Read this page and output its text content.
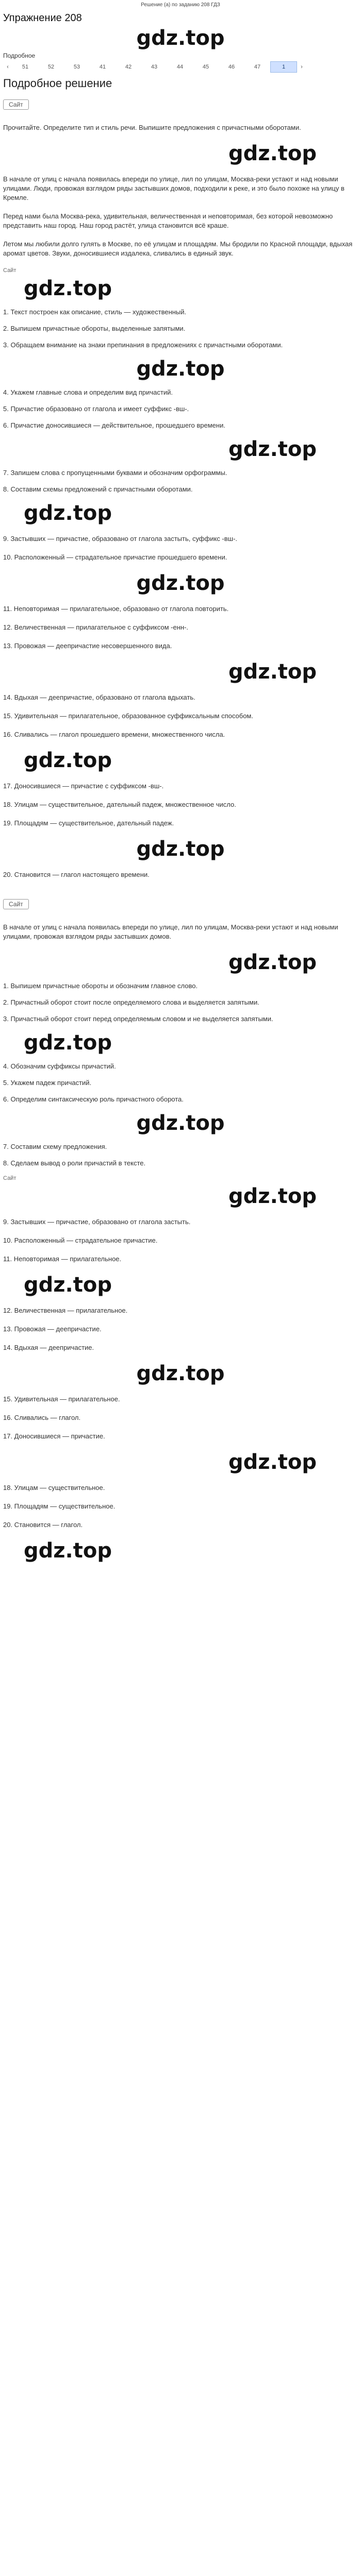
Решение (а) по заданию 208 ГДЗ
Упражнение 208
gdz.top
Подробное
‹	51	52	53	41	42	43	44	45	46	47	1	›
Подробное решение
Сайт

Прочитайте. Определите тип и стиль речи. Выпишите предложения с причастными оборотами.

gdz.top

В начале от улиц с начала появилась впереди по улице, лил по улицам, Москва-реки устают и над новыми улицами. Люди, провожая взглядом ряды застывших домов, подходили к реке, и это было похоже на улицу в Кремле.

Перед нами была Москва-река, удивительная, величественная и неповторимая, без которой невозможно представить наш город. Наш город растёт, улица становится всё краше.

Летом мы любили долго гулять в Москве, по её улицам и площадям. Мы бродили по Красной площади, вдыхая аромат цветов. Звуки, доносившиеся издалека, сливались в единый звук.

Сайт
gdz.top

1. Текст построен как описание, стиль — художественный.

2. Выпишем причастные обороты, выделенные запятыми.

3. Обращаем внимание на знаки препинания в предложениях с причастными оборотами.

gdz.top

4. Укажем главные слова и определим вид причастий.

5. Причастие образовано от глагола и имеет суффикс -вш-.

6. Причастие доносившиеся — действительное, прошедшего времени.

gdz.top

7. Запишем слова с пропущенными буквами и обозначим орфограммы.

8. Составим схемы предложений с причастными оборотами.

gdz.top

9. Застывших — причастие, образовано от глагола застыть, суффикс -вш-.

10. Расположенный — страдательное причастие прошедшего времени.

gdz.top

11. Неповторимая — прилагательное, образовано от глагола повторить.

12. Величественная — прилагательное с суффиксом -енн-.

13. Провожая — деепричастие несовершенного вида.

gdz.top

14. Вдыхая — деепричастие, образовано от глагола вдыхать.

15. Удивительная — прилагательное, образованное суффиксальным способом.

16. Сливались — глагол прошедшего времени, множественного числа.

gdz.top

17. Доносившиеся — причастие с суффиксом -вш-.

18. Улицам — существительное, дательный падеж, множественное число.

19. Площадям — существительное, дательный падеж.

gdz.top

20. Становится — глагол настоящего времени.

Сайт

В начале от улиц с начала появилась впереди по улице, лил по улицам, Москва-реки устают и над новыми улицами, провожая взглядом ряды застывших домов.

gdz.top

1. Выпишем причастные обороты и обозначим главное слово.

2. Причастный оборот стоит после определяемого слова и выделяется запятыми.

3. Причастный оборот стоит перед определяемым словом и не выделяется запятыми.

gdz.top

4. Обозначим суффиксы причастий.

5. Укажем падеж причастий.

6. Определим синтаксическую роль причастного оборота.

gdz.top

7. Составим схему предложения.

8. Сделаем вывод о роли причастий в тексте.

Сайт
gdz.top

9. Застывших — причастие, образовано от глагола застыть.

10. Расположенный — страдательное причастие.

11. Неповторимая — прилагательное.

gdz.top

12. Величественная — прилагательное.

13. Провожая — деепричастие.

14. Вдыхая — деепричастие.

gdz.top

15. Удивительная — прилагательное.

16. Сливались — глагол.

17. Доносившиеся — причастие.

gdz.top

18. Улицам — существительное.

19. Площадям — существительное.

20. Становится — глагол.

gdz.top
